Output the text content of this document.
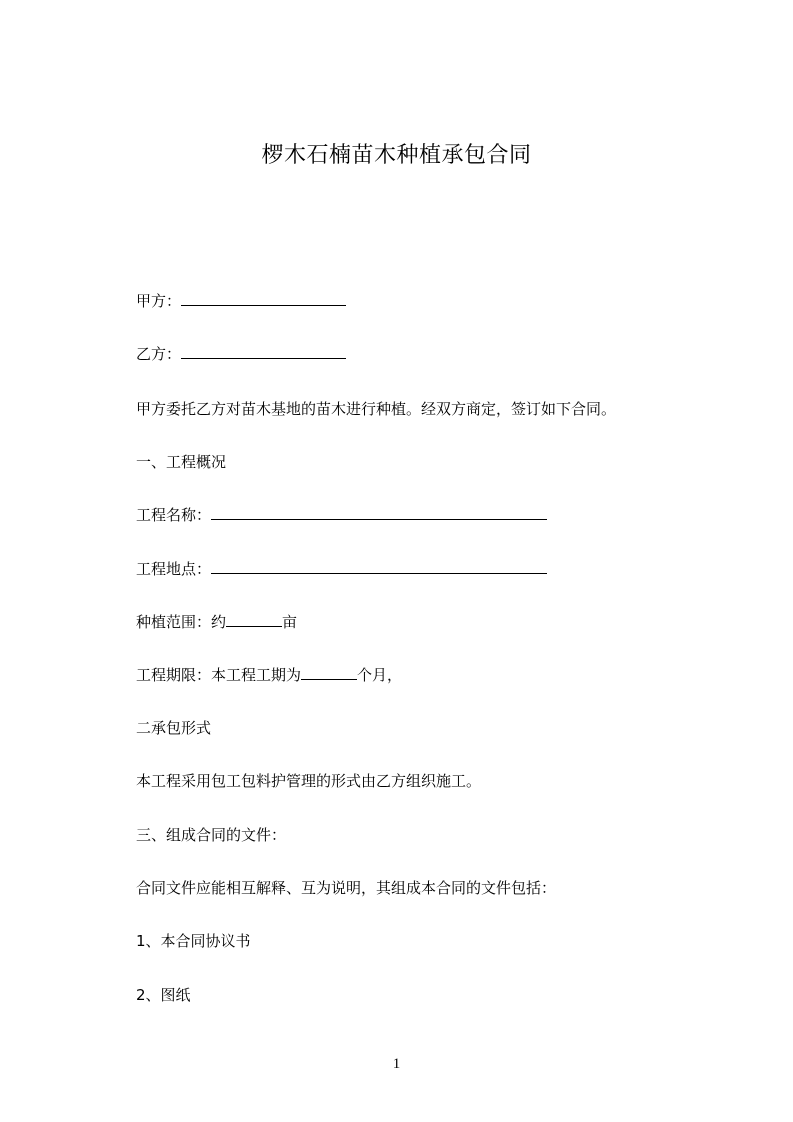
椤木石楠苗木种植承包合同
甲方：
乙方：
甲方委托乙方对苗木基地的苗木进行种植。经双方商定，签订如下合同。
一、工程概况
工程名称：
工程地点：
种植范围：约	亩
工程期限：本工程工期为	个月，
二承包形式
本工程采用包工包料护管理的形式由乙方组织施工。
三、组成合同的文件：
合同文件应能相互解释、互为说明，其组成本合同的文件包括：
1、本合同协议书
2、图纸
1
